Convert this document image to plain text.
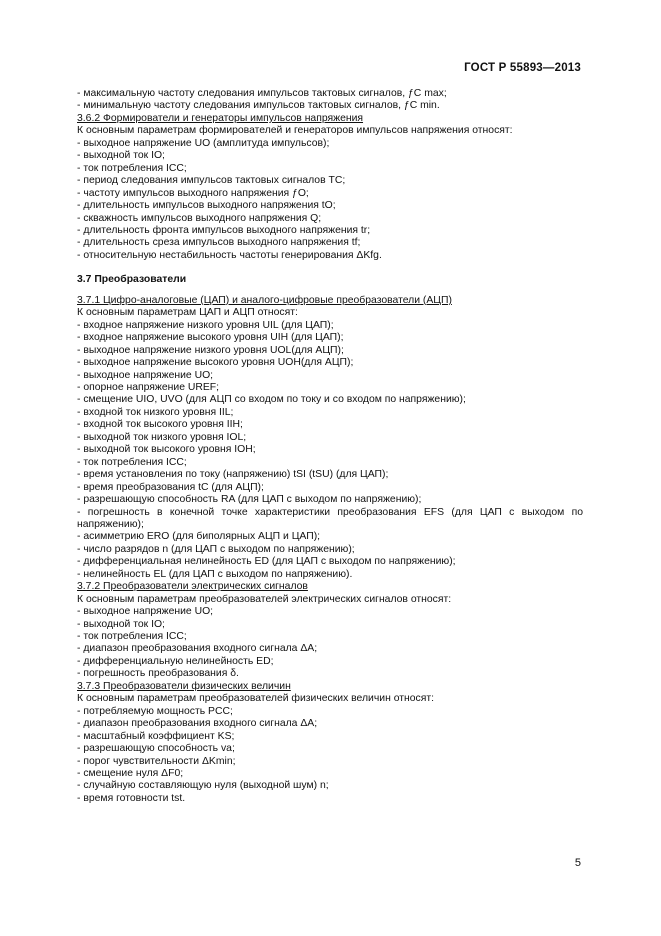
ГОСТ Р 55893—2013
- максимальную частоту следования импульсов тактовых сигналов, ƒC max;
- минимальную частоту следования импульсов тактовых сигналов, ƒC min.
3.6.2 Формирователи и генераторы импульсов напряжения
К основным параметрам формирователей и генераторов импульсов напряжения относят:
- выходное напряжение UO (амплитуда импульсов);
- выходной ток IO;
- ток потребления ICC;
- период следования импульсов тактовых сигналов TC;
- частоту импульсов выходного напряжения ƒO;
- длительность импульсов выходного напряжения tO;
- скважность импульсов выходного напряжения Q;
- длительность фронта импульсов выходного напряжения tr;
- длительность среза импульсов выходного напряжения tf;
- относительную нестабильность частоты генерирования ΔKfg.
3.7 Преобразователи
3.7.1 Цифро-аналоговые (ЦАП) и аналого-цифровые преобразователи (АЦП)
К основным параметрам ЦАП и АЦП относят:
- входное напряжение низкого уровня UIL (для ЦАП);
- входное напряжение высокого уровня UIH (для ЦАП);
- выходное напряжение низкого уровня UOL(для АЦП);
- выходное напряжение высокого уровня UOH(для АЦП);
- выходное напряжение UO;
- опорное напряжение UREF;
- смещение UIO, UVO (для АЦП со входом по току и со входом по напряжению);
- входной ток низкого уровня IIL;
- входной ток высокого уровня IIH;
- выходной ток низкого уровня IOL;
- выходной ток высокого уровня IOH;
- ток потребления ICC;
- время установления по току (напряжению) tSI (tSU) (для ЦАП);
- время преобразования tC (для АЦП);
- разрешающую способность RA (для ЦАП с выходом по напряжению);
- погрешность в конечной точке характеристики преобразования EFS (для ЦАП с выходом по напряжению);
- асимметрию ERO (для биполярных АЦП и ЦАП);
- число разрядов n (для ЦАП с выходом по напряжению);
- дифференциальная нелинейность ED (для ЦАП с выходом по напряжению);
- нелинейность EL (для ЦАП с выходом по напряжению).
3.7.2 Преобразователи электрических сигналов
К основным параметрам преобразователей электрических сигналов относят:
- выходное напряжение UO;
- выходной ток IO;
- ток потребления ICC;
- диапазон преобразования входного сигнала ΔA;
- дифференциальную нелинейность ED;
- погрешность преобразования δ.
3.7.3 Преобразователи физических величин
К основным параметрам преобразователей физических величин относят:
- потребляемую мощность PCC;
- диапазон преобразования входного сигнала ΔA;
- масштабный коэффициент KS;
- разрешающую способность va;
- порог чувствительности ΔKmin;
- смещение нуля ΔF0;
- случайную составляющую нуля (выходной шум) n;
- время готовности tst.
5
